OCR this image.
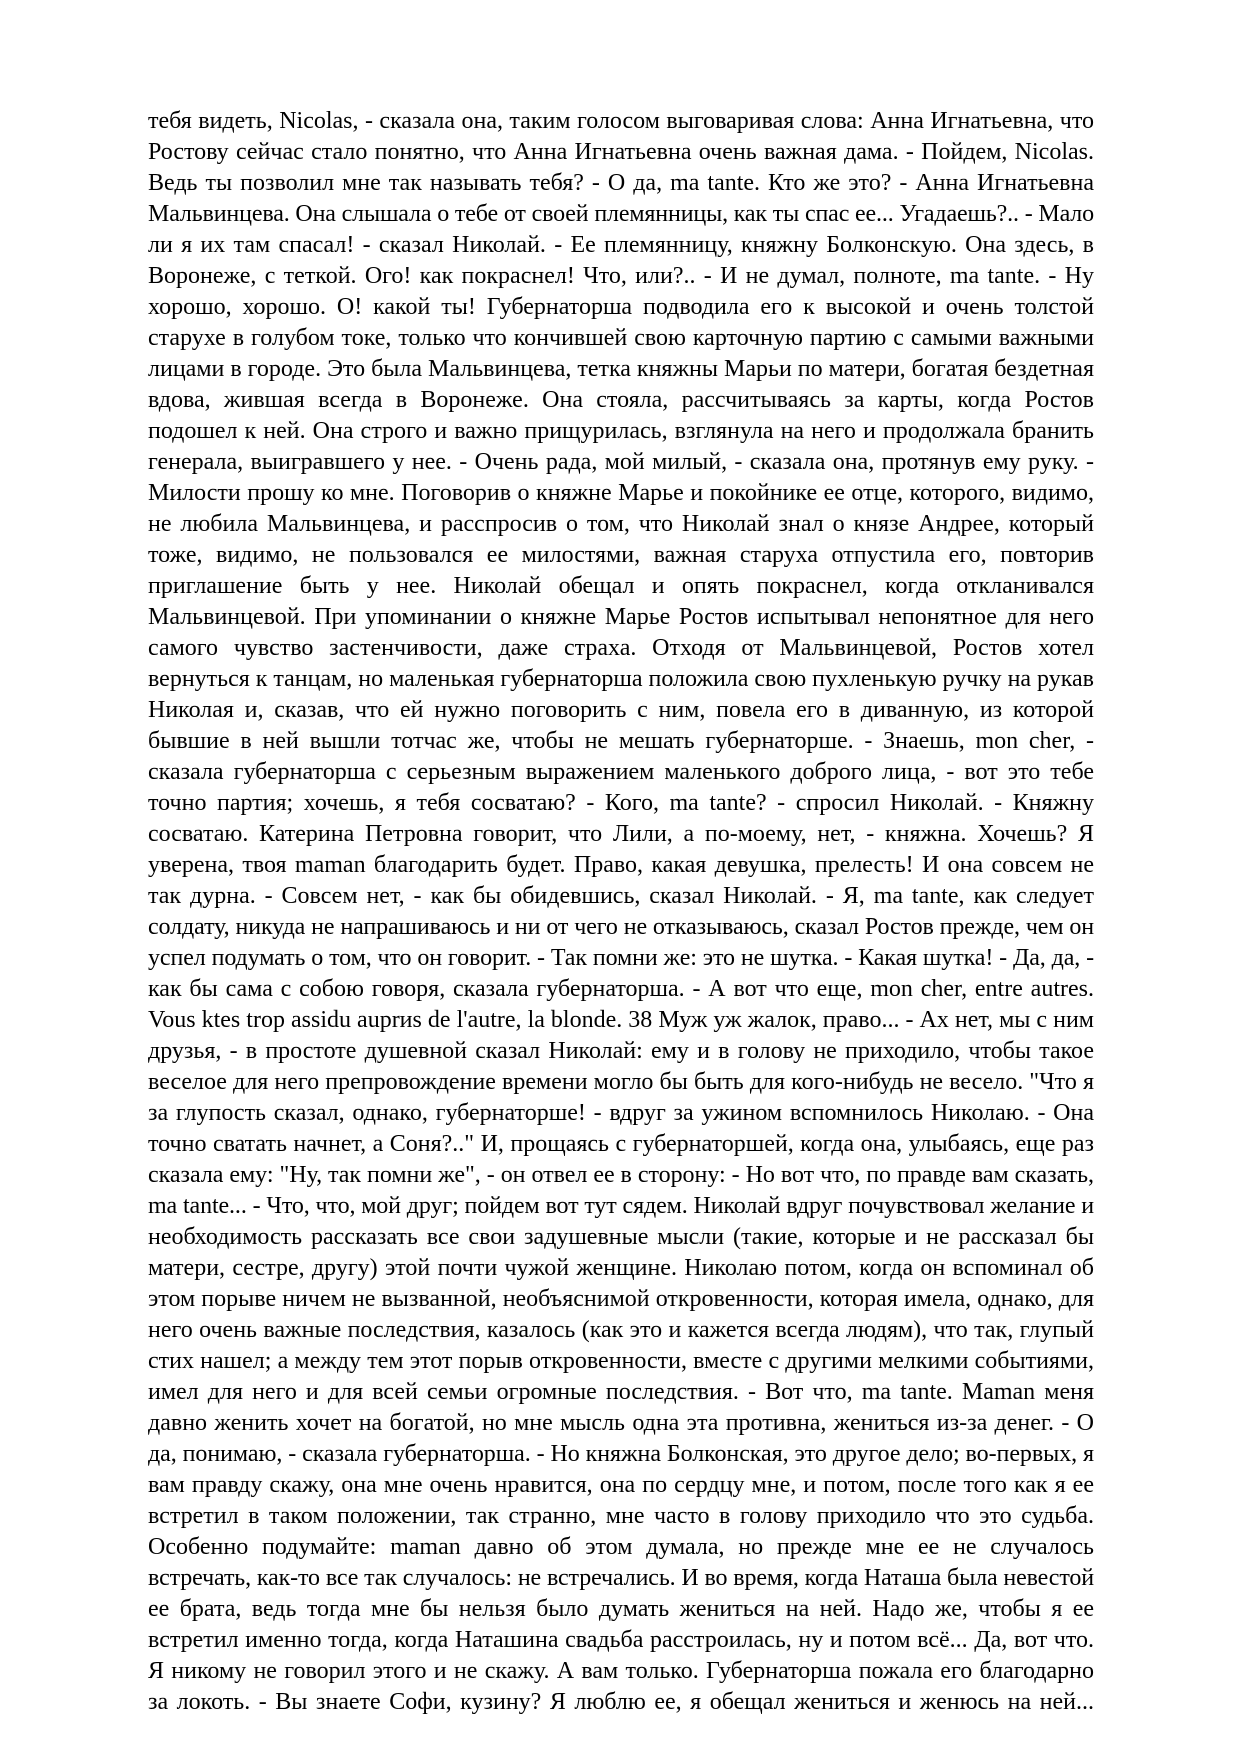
тебя видеть, Nicolas, - сказала она, таким голосом выговаривая слова: Анна Игнатьевна, что
Ростову сейчас стало понятно, что Анна Игнатьевна очень важная дама. - Пойдем, Nicolas.
Ведь ты позволил мне так называть тебя? - О да, ma tante. Кто же это? - Анна Игнатьевна
Мальвинцева. Она слышала о тебе от своей племянницы, как ты спас ее... Угадаешь?.. - Мало
ли я их там спасал! - сказал Николай. - Ее племянницу, княжну Болконскую. Она здесь, в
Воронеже, с теткой. Ого! как покраснел! Что, или?.. - И не думал, полноте, ma tante. - Ну
хорошо, хорошо. О! какой ты! Губернаторша подводила его к высокой и очень толстой
старухе в голубом токе, только что кончившей свою карточную партию с самыми важными
лицами в городе. Это была Мальвинцева, тетка княжны Марьи по матери, богатая бездетная
вдова, жившая всегда в Воронеже. Она стояла, рассчитываясь за карты, когда Ростов
подошел к ней. Она строго и важно прищурилась, взглянула на него и продолжала бранить
генерала, выигравшего у нее. - Очень рада, мой милый, - сказала она, протянув ему руку. -
Милости прошу ко мне. Поговорив о княжне Марье и покойнике ее отце, которого, видимо,
не любила Мальвинцева, и расспросив о том, что Николай знал о князе Андрее, который
тоже, видимо, не пользовался ее милостями, важная старуха отпустила его, повторив
приглашение быть у нее. Николай обещал и опять покраснел, когда откланивался
Мальвинцевой. При упоминании о княжне Марье Ростов испытывал непонятное для него
самого чувство застенчивости, даже страха. Отходя от Мальвинцевой, Ростов хотел
вернуться к танцам, но маленькая губернаторша положила свою пухленькую ручку на рукав
Николая и, сказав, что ей нужно поговорить с ним, повела его в диванную, из которой
бывшие в ней вышли тотчас же, чтобы не мешать губернаторше. - Знаешь, mon cher, -
сказала губернаторша с серьезным выражением маленького доброго лица, - вот это тебе
точно партия; хочешь, я тебя сосватаю? - Кого, ma tante? - спросил Николай. - Княжну
сосватаю. Катерина Петровна говорит, что Лили, а по-моему, нет, - княжна. Хочешь? Я
уверена, твоя maman благодарить будет. Право, какая девушка, прелесть! И она совсем не
так дурна. - Совсем нет, - как бы обидевшись, сказал Николай. - Я, ma tante, как следует
солдату, никуда не напрашиваюсь и ни от чего не отказываюсь, сказал Ростов прежде, чем он
успел подумать о том, что он говорит. - Так помни же: это не шутка. - Какая шутка! - Да, да, -
как бы сама с собою говоря, сказала губернаторша. - А вот что еще, mon cher, entre autres.
Vous ktes trop assidu auprиs de l'autre, la blonde. 38 Муж уж жалок, право... - Ах нет, мы с ним
друзья, - в простоте душевной сказал Николай: ему и в голову не приходило, чтобы такое
веселое для него препровождение времени могло бы быть для кого-нибудь не весело. "Что я
за глупость сказал, однако, губернаторше! - вдруг за ужином вспомнилось Николаю. - Она
точно сватать начнет, а Соня?.." И, прощаясь с губернаторшей, когда она, улыбаясь, еще раз
сказала ему: "Ну, так помни же", - он отвел ее в сторону: - Но вот что, по правде вам сказать,
ma tante... - Что, что, мой друг; пойдем вот тут сядем. Николай вдруг почувствовал желание и
необходимость рассказать все свои задушевные мысли (такие, которые и не рассказал бы
матери, сестре, другу) этой почти чужой женщине. Николаю потом, когда он вспоминал об
этом порыве ничем не вызванной, необъяснимой откровенности, которая имела, однако, для
него очень важные последствия, казалось (как это и кажется всегда людям), что так, глупый
стих нашел; а между тем этот порыв откровенности, вместе с другими мелкими событиями,
имел для него и для всей семьи огромные последствия. - Вот что, ma tante. Maman меня
давно женить хочет на богатой, но мне мысль одна эта противна, жениться из-за денег. - О
да, понимаю, - сказала губернаторша. - Но княжна Болконская, это другое дело; во-первых, я
вам правду скажу, она мне очень нравится, она по сердцу мне, и потом, после того как я ее
встретил в таком положении, так странно, мне часто в голову приходило что это судьба.
Особенно подумайте: maman давно об этом думала, но прежде мне ее не случалось
встречать, как-то все так случалось: не встречались. И во время, когда Наташа была невестой
ее брата, ведь тогда мне бы нельзя было думать жениться на ней. Надо же, чтобы я ее
встретил именно тогда, когда Наташина свадьба расстроилась, ну и потом всё... Да, вот что.
Я никому не говорил этого и не скажу. А вам только. Губернаторша пожала его благодарно
за локоть. - Вы знаете Софи, кузину? Я люблю ее, я обещал жениться и женюсь на ней...
